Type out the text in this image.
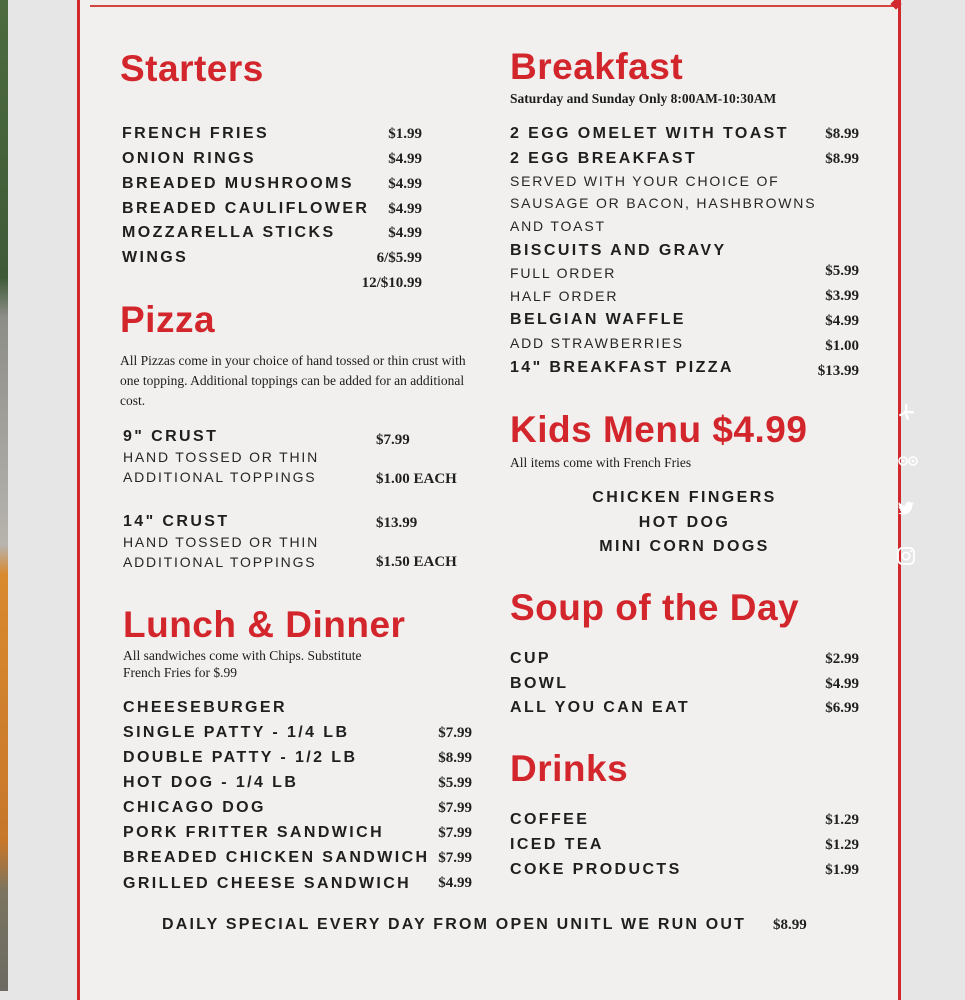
Starters
FRENCH FRIES	$1.99
ONION RINGS	$4.99
BREADED MUSHROOMS	$4.99
BREADED CAULIFLOWER	$4.99
MOZZARELLA STICKS	$4.99
WINGS	6/$5.99
12/$10.99
Pizza
All Pizzas come in your choice of hand tossed or thin crust with one topping. Additional toppings can be added for an additional cost.
9" CRUST	$7.99
HAND TOSSED OR THIN
ADDITIONAL TOPPINGS	$1.00 EACH
14" CRUST	$13.99
HAND TOSSED OR THIN
ADDITIONAL TOPPINGS	$1.50 EACH
Lunch & Dinner
All sandwiches come with Chips. Substitute
French Fries for $.99
CHEESEBURGER
SINGLE PATTY - 1/4 LB	$7.99
DOUBLE PATTY - 1/2 LB	$8.99
HOT DOG - 1/4 LB	$5.99
CHICAGO DOG	$7.99
PORK FRITTER SANDWICH	$7.99
BREADED CHICKEN SANDWICH $7.99
GRILLED CHEESE SANDWICH	$4.99
Breakfast
Saturday and Sunday Only 8:00AM-10:30AM
2 EGG OMELET WITH TOAST	$8.99
2 EGG BREAKFAST	$8.99
SERVED WITH YOUR CHOICE OF
SAUSAGE OR BACON, HASHBROWNS
AND TOAST
BISCUITS AND GRAVY
FULL ORDER	$5.99
HALF ORDER	$3.99
BELGIAN WAFFLE	$4.99
ADD STRAWBERRIES	$1.00
14" BREAKFAST PIZZA	$13.99
Kids Menu $4.99
All items come with French Fries
CHICKEN FINGERS
HOT DOG
MINI CORN DOGS
Soup of the Day
CUP	$2.99
BOWL	$4.99
ALL YOU CAN EAT	$6.99
Drinks
COFFEE	$1.29
ICED TEA	$1.29
COKE PRODUCTS	$1.99
DAILY SPECIAL EVERY DAY FROM OPEN UNITL WE RUN OUT $8.99
